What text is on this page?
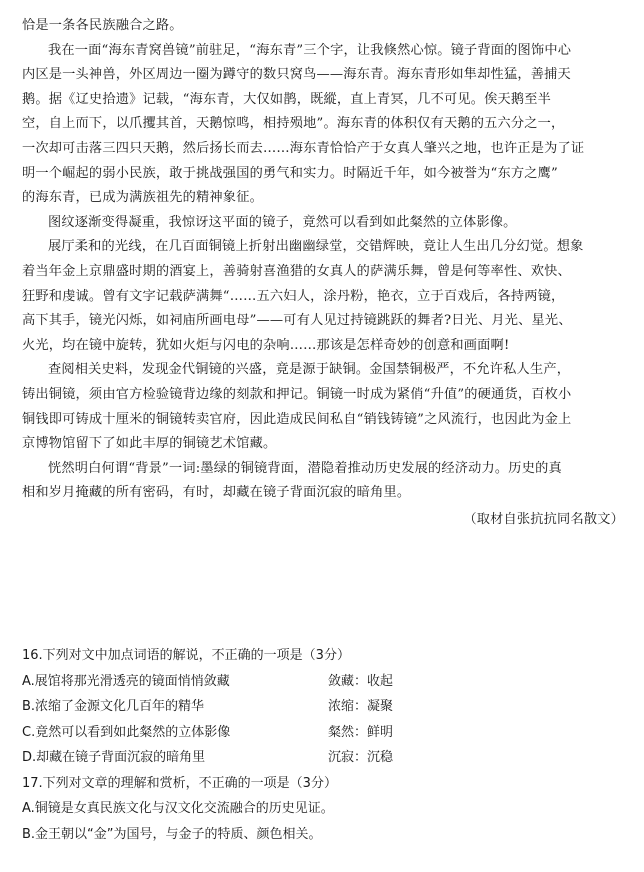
恰是一条各民族融合之路。
我在一面“海东青窝兽镜”前驻足，“海东青”三个字，让我倏然心惊。镜子背面的图饰中心
内区是一头神兽，外区周边一圈为蹲守的数只窝鸟——海东青。海东青形如隼却性猛，善捕天
鹅。据《辽史拾遗》记载，“海东青，大仅如鹊，既縱，直上青冥，几不可见。俟天鹅至半
空，自上而下，以爪攫其首，天鹅惊鸣，相持殒地”。海东青的体积仅有天鹅的五六分之一，
一次却可击落三四只天鹅，然后扬长而去……海东青恰恰产于女真人肇兴之地，也许正是为了证
明一个崛起的弱小民族，敢于挑战强国的勇气和实力。时隔近千年，如今被誉为“东方之鹰”
的海东青，已成为满族祖先的精神象征。
图纹逐渐变得凝重，我惊讶这平面的镜子，竟然可以看到如此粲然的立体影像。
展厅柔和的光线，在几百面铜镜上折射出幽幽绿堂，交错辉映，竟让人生出几分幻觉。想象
着当年金上京鼎盛时期的酒宴上，善骑射喜渔猎的女真人的萨满乐舞，曾是何等率性、欢快、
狂野和虔诚。曾有文字记载萨满舞“……五六妇人，涂丹粉，艳衣，立于百戏后，各持两镜，
高下其手，镜光闪烁，如祠庙所画电母”——可有人见过持镜跳跃的舞者?日光、月光、星光、
火光，均在镜中旋转，犹如火炬与闪电的杂响……那该是怎样奇妙的创意和画面啊!
查阅相关史料，发现金代铜镜的兴盛，竟是源于缺铜。金国禁铜极严，不允许私人生产，
铸出铜镜，须由官方检验镜背边缘的刻款和押记。铜镜一时成为紧俏“升值”的硬通货，百枚小
铜钱即可铸成十厘米的铜镜转卖官府，因此造成民间私自“销钱铸镜”之风流行，也因此为金上
京博物馆留下了如此丰厚的铜镜艺术馆藏。
恍然明白何谓“背景”一词:墨绿的铜镜背面，潜隐着推动历史发展的经济动力。历史的真
相和岁月掩藏的所有密码，有时，却藏在镜子背面沉寂的暗角里。
（取材自张抗抗同名散文）
16.下列对文中加点词语的解说，不正确的一项是（3分）
A.展馆将那光滑透亮的镜面悄悄敛藏	敛藏：收起
B.浓缩了金源文化几百年的精华	浓缩：凝聚
C.竟然可以看到如此粲然的立体影像	粲然：鲜明
D.却藏在镜子背面沉寂的暗角里	沉寂：沉稳
17.下列对文章的理解和赏析，不正确的一项是（3分）
A.铜镜是女真民族文化与汉文化交流融合的历史见证。
B.金王朝以“金”为国号，与金子的特质、颜色相关。
